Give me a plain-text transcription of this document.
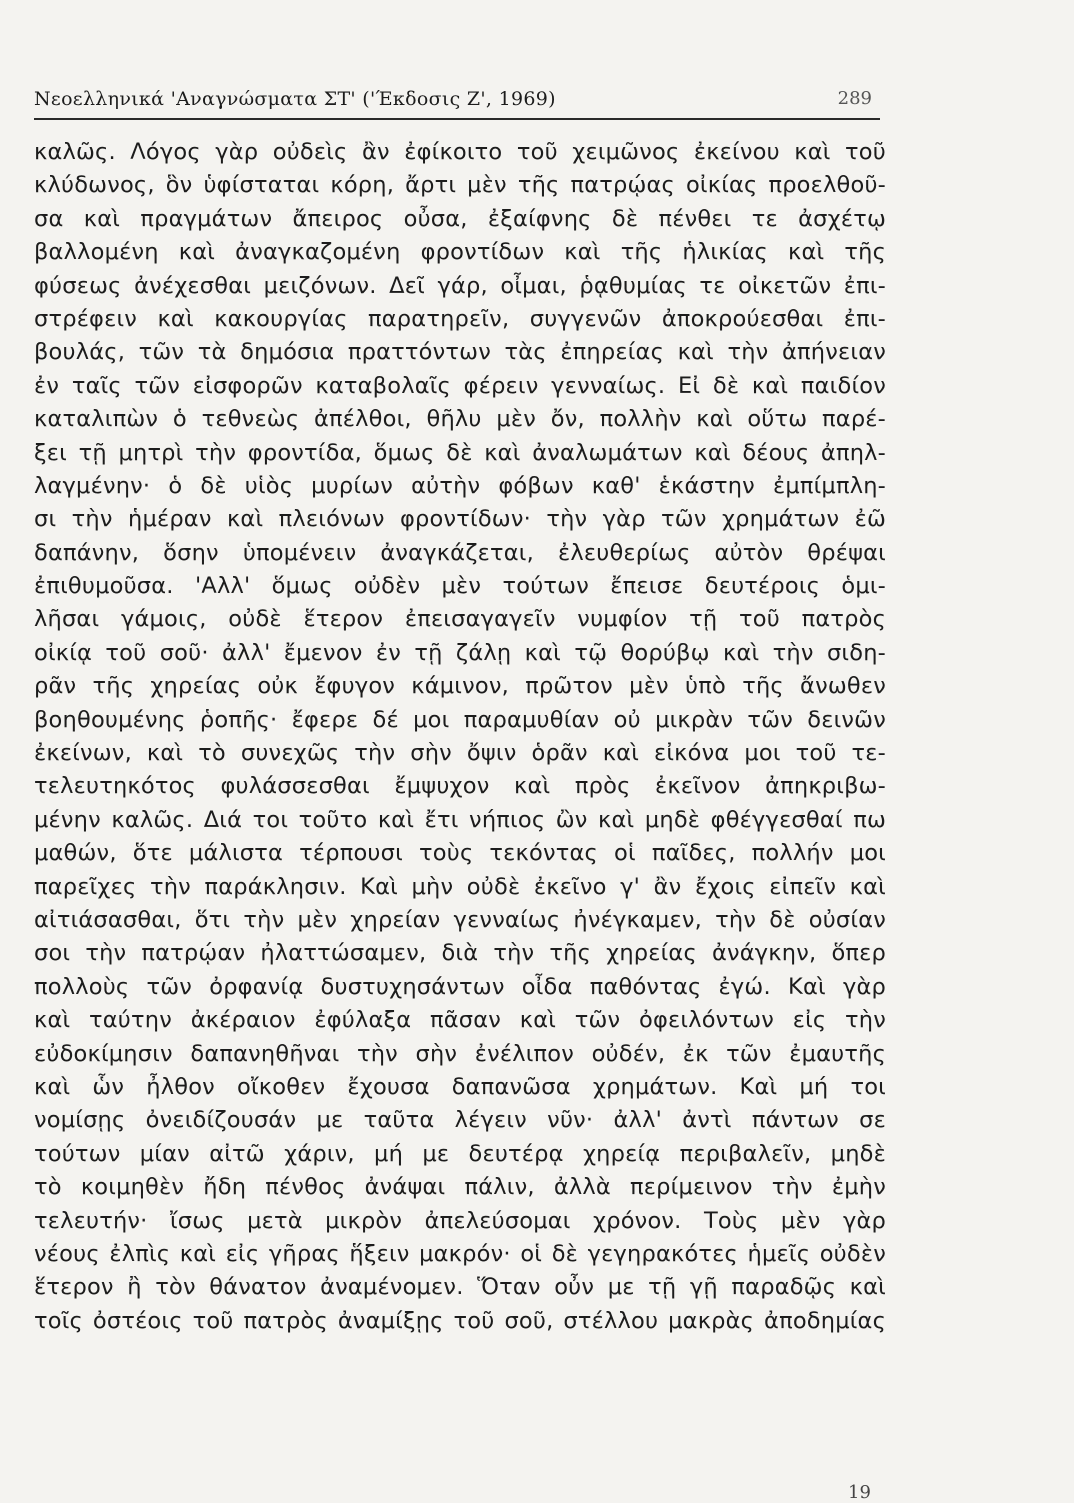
Νεοελληνικά 'Αναγνώσματα ΣΤ' ('Έκδοσις Ζ', 1969)	289
καλῶς. Λόγος γὰρ οὐδεὶς ἂν ἐφίκοιτο τοῦ χειμῶνος ἐκείνου καὶ τοῦ
κλύδωνος, ὃν ὑφίσταται κόρη, ἄρτι μὲν τῆς πατρῴας οἰκίας προελθοῦ-
σα καὶ πραγμάτων ἄπειρος οὖσα, ἐξαίφνης δὲ πένθει τε ἀσχέτῳ
βαλλομένη καὶ ἀναγκαζομένη φροντίδων καὶ τῆς ἡλικίας καὶ τῆς
φύσεως ἀνέχεσθαι μειζόνων. Δεῖ γάρ, οἶμαι, ῥᾳθυμίας τε οἰκετῶν ἐπι-
στρέφειν καὶ κακουργίας παρατηρεῖν, συγγενῶν ἀποκρούεσθαι ἐπι-
βουλάς, τῶν τὰ δημόσια πραττόντων τὰς ἐπηρείας καὶ τὴν ἀπήνειαν
ἐν ταῖς τῶν εἰσφορῶν καταβολαῖς φέρειν γενναίως. Εἰ δὲ καὶ παιδίον
καταλιπὼν ὁ τεθνεὼς ἀπέλθοι, θῆλυ μὲν ὄν, πολλὴν καὶ οὕτω παρέ-
ξει τῇ μητρὶ τὴν φροντίδα, ὅμως δὲ καὶ ἀναλωμάτων καὶ δέους ἀπηλ-
λαγμένην· ὁ δὲ υἱὸς μυρίων αὐτὴν φόβων καθ' ἑκάστην ἐμπίμπλη-
σι τὴν ἡμέραν καὶ πλειόνων φροντίδων· τὴν γὰρ τῶν χρημάτων ἐῶ
δαπάνην, ὅσην ὑπομένειν ἀναγκάζεται, ἐλευθερίως αὐτὸν θρέψαι
ἐπιθυμοῦσα. 'Αλλ' ὅμως οὐδὲν μὲν τούτων ἔπεισε δευτέροις ὁμι-
λῆσαι γάμοις, οὐδὲ ἕτερον ἐπεισαγαγεῖν νυμφίον τῇ τοῦ πατρὸς
οἰκίᾳ τοῦ σοῦ· ἀλλ' ἔμενον ἐν τῇ ζάλῃ καὶ τῷ θορύβῳ καὶ τὴν σιδη-
ρᾶν τῆς χηρείας οὐκ ἔφυγον κάμινον, πρῶτον μὲν ὑπὸ τῆς ἄνωθεν
βοηθουμένης ῥοπῆς· ἔφερε δέ μοι παραμυθίαν οὐ μικρὰν τῶν δεινῶν
ἐκείνων, καὶ τὸ συνεχῶς τὴν σὴν ὄψιν ὁρᾶν καὶ εἰκόνα μοι τοῦ τε-
τελευτηκότος φυλάσσεσθαι ἔμψυχον καὶ πρὸς ἐκεῖνον ἀπηκριβω-
μένην καλῶς. Διά τοι τοῦτο καὶ ἔτι νήπιος ὢν καὶ μηδὲ φθέγγεσθαί πω
μαθών, ὅτε μάλιστα τέρπουσι τοὺς τεκόντας οἱ παῖδες, πολλήν μοι
παρεῖχες τὴν παράκλησιν. Καὶ μὴν οὐδὲ ἐκεῖνο γ' ἂν ἔχοις εἰπεῖν καὶ
αἰτιάσασθαι, ὅτι τὴν μὲν χηρείαν γενναίως ἠνέγκαμεν, τὴν δὲ οὐσίαν
σοι τὴν πατρῴαν ἠλαττώσαμεν, διὰ τὴν τῆς χηρείας ἀνάγκην, ὅπερ
πολλοὺς τῶν ὀρφανίᾳ δυστυχησάντων οἶδα παθόντας ἐγώ. Καὶ γὰρ
καὶ ταύτην ἀκέραιον ἐφύλαξα πᾶσαν καὶ τῶν ὀφειλόντων εἰς τὴν
εὐδοκίμησιν δαπανηθῆναι τὴν σὴν ἐνέλιπον οὐδέν, ἐκ τῶν ἐμαυτῆς
καὶ ὧν ἦλθον οἴκοθεν ἔχουσα δαπανῶσα χρημάτων. Καὶ μή τοι
νομίσῃς ὀνειδίζουσάν με ταῦτα λέγειν νῦν· ἀλλ' ἀντὶ πάντων σε
τούτων μίαν αἰτῶ χάριν, μή με δευτέρᾳ χηρείᾳ περιβαλεῖν, μηδὲ
τὸ κοιμηθὲν ἤδη πένθος ἀνάψαι πάλιν, ἀλλὰ περίμεινον τὴν ἐμὴν
τελευτήν· ἴσως μετὰ μικρὸν ἀπελεύσομαι χρόνον. Τοὺς μὲν γὰρ
νέους ἐλπὶς καὶ εἰς γῆρας ἥξειν μακρόν· οἱ δὲ γεγηρακότες ἡμεῖς οὐδὲν
ἕτερον ἢ τὸν θάνατον ἀναμένομεν. Ὅταν οὖν με τῇ γῇ παραδῷς καὶ
τοῖς ὀστέοις τοῦ πατρὸς ἀναμίξῃς τοῦ σοῦ, στέλλου μακρὰς ἀποδημίας
19
